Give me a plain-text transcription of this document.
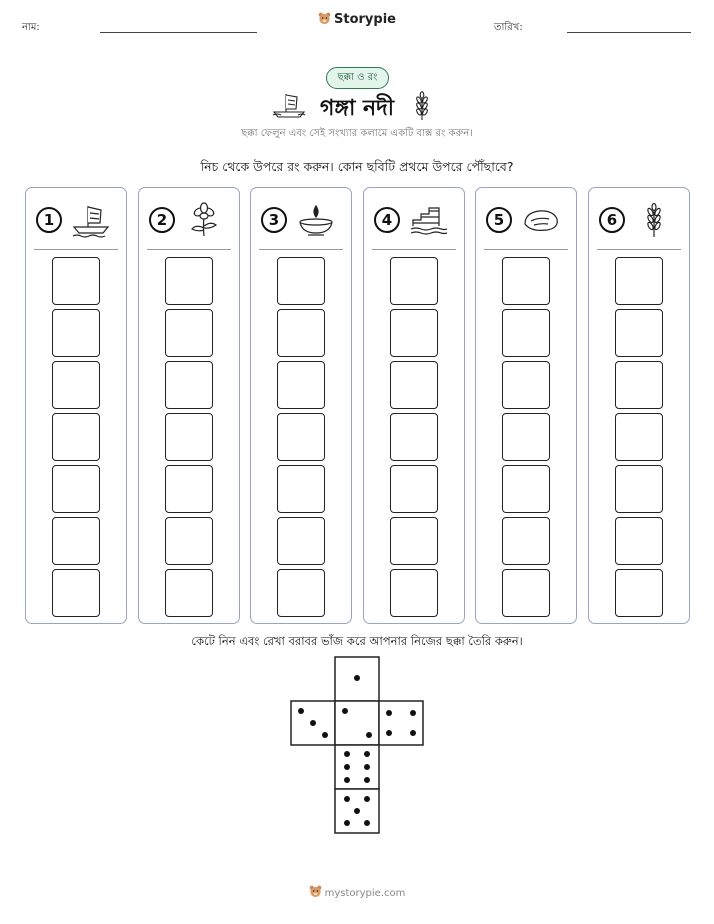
নাম:
Storypie
তারিখ:
ছক্কা ও রং
গঙ্গা নদী
ছক্কা ফেলুন এবং সেই সংখ্যার কলামে একটি বাক্স রং করুন।
নিচ থেকে উপরে রং করুন। কোন ছবিটি প্রথমে উপরে পৌঁছাবে?
1	2	3	4	5	6
কেটে নিন এবং রেখা বরাবর ভাঁজ করে আপনার নিজের ছক্কা তৈরি করুন।
mystorypie.com
